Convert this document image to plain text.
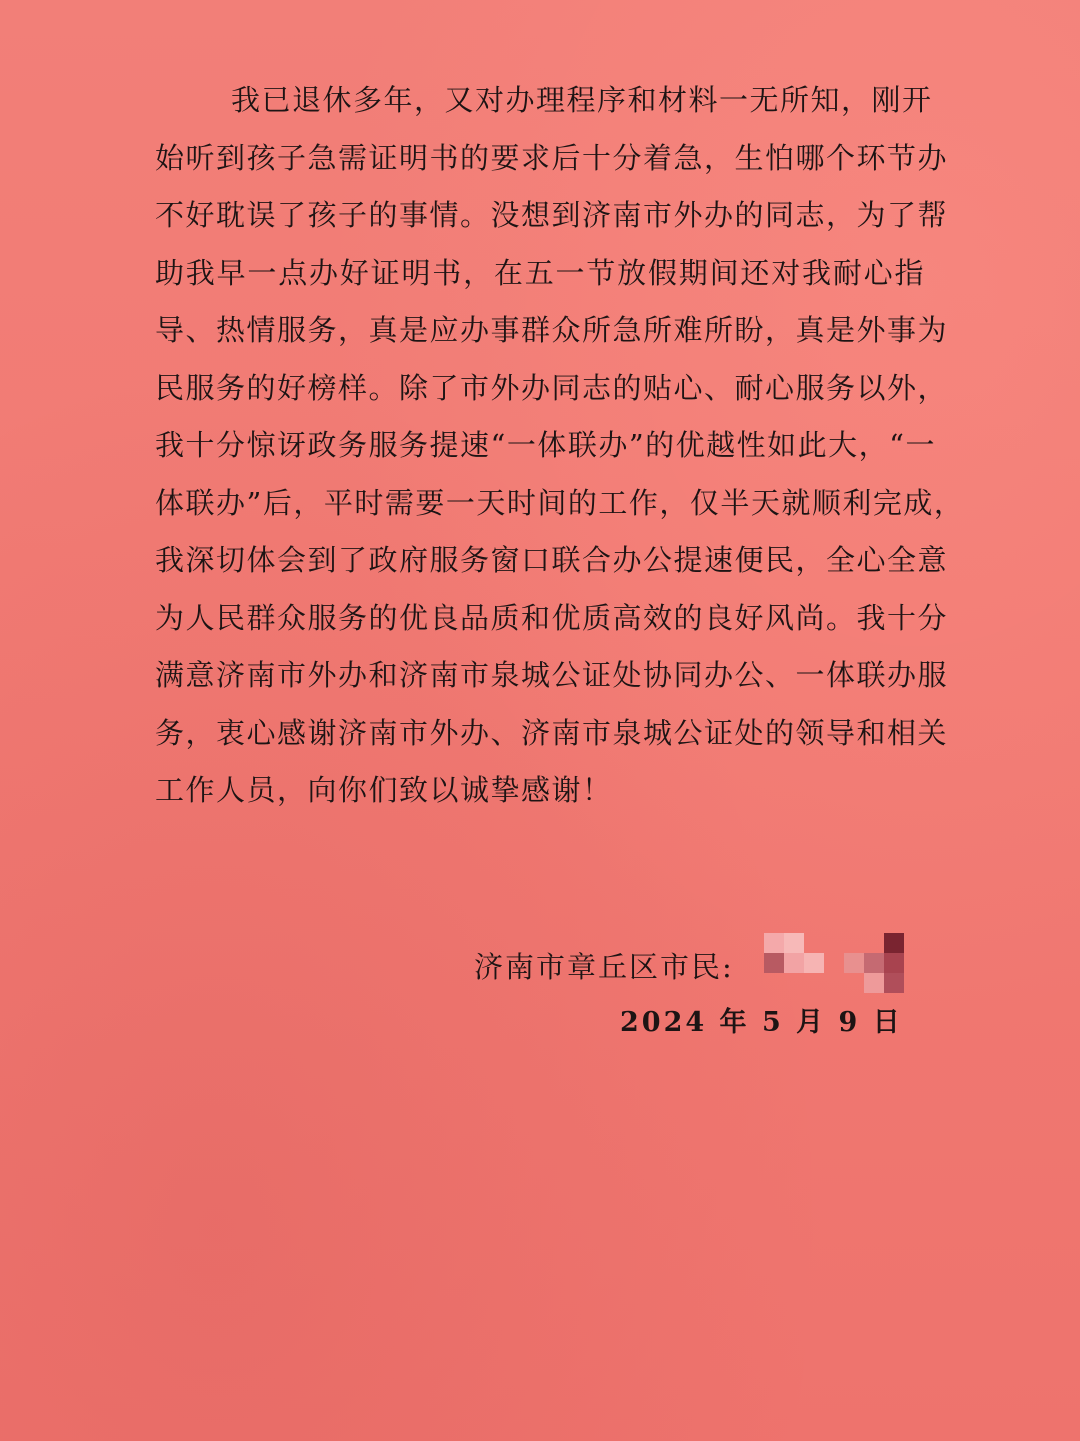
我已退休多年，又对办理程序和材料一无所知，刚开
始听到孩子急需证明书的要求后十分着急，生怕哪个环节办
不好耽误了孩子的事情。没想到济南市外办的同志，为了帮
助我早一点办好证明书，在五一节放假期间还对我耐心指
导、热情服务，真是应办事群众所急所难所盼，真是外事为
民服务的好榜样。除了市外办同志的贴心、耐心服务以外，
我十分惊讶政务服务提速“一体联办”的优越性如此大，“一
体联办”后，平时需要一天时间的工作，仅半天就顺利完成，
我深切体会到了政府服务窗口联合办公提速便民，全心全意
为人民群众服务的优良品质和优质高效的良好风尚。我十分
满意济南市外办和济南市泉城公证处协同办公、一体联办服
务，衷心感谢济南市外办、济南市泉城公证处的领导和相关
工作人员，向你们致以诚挚感谢！
济南市章丘区市民:
2024 年 5 月 9 日
